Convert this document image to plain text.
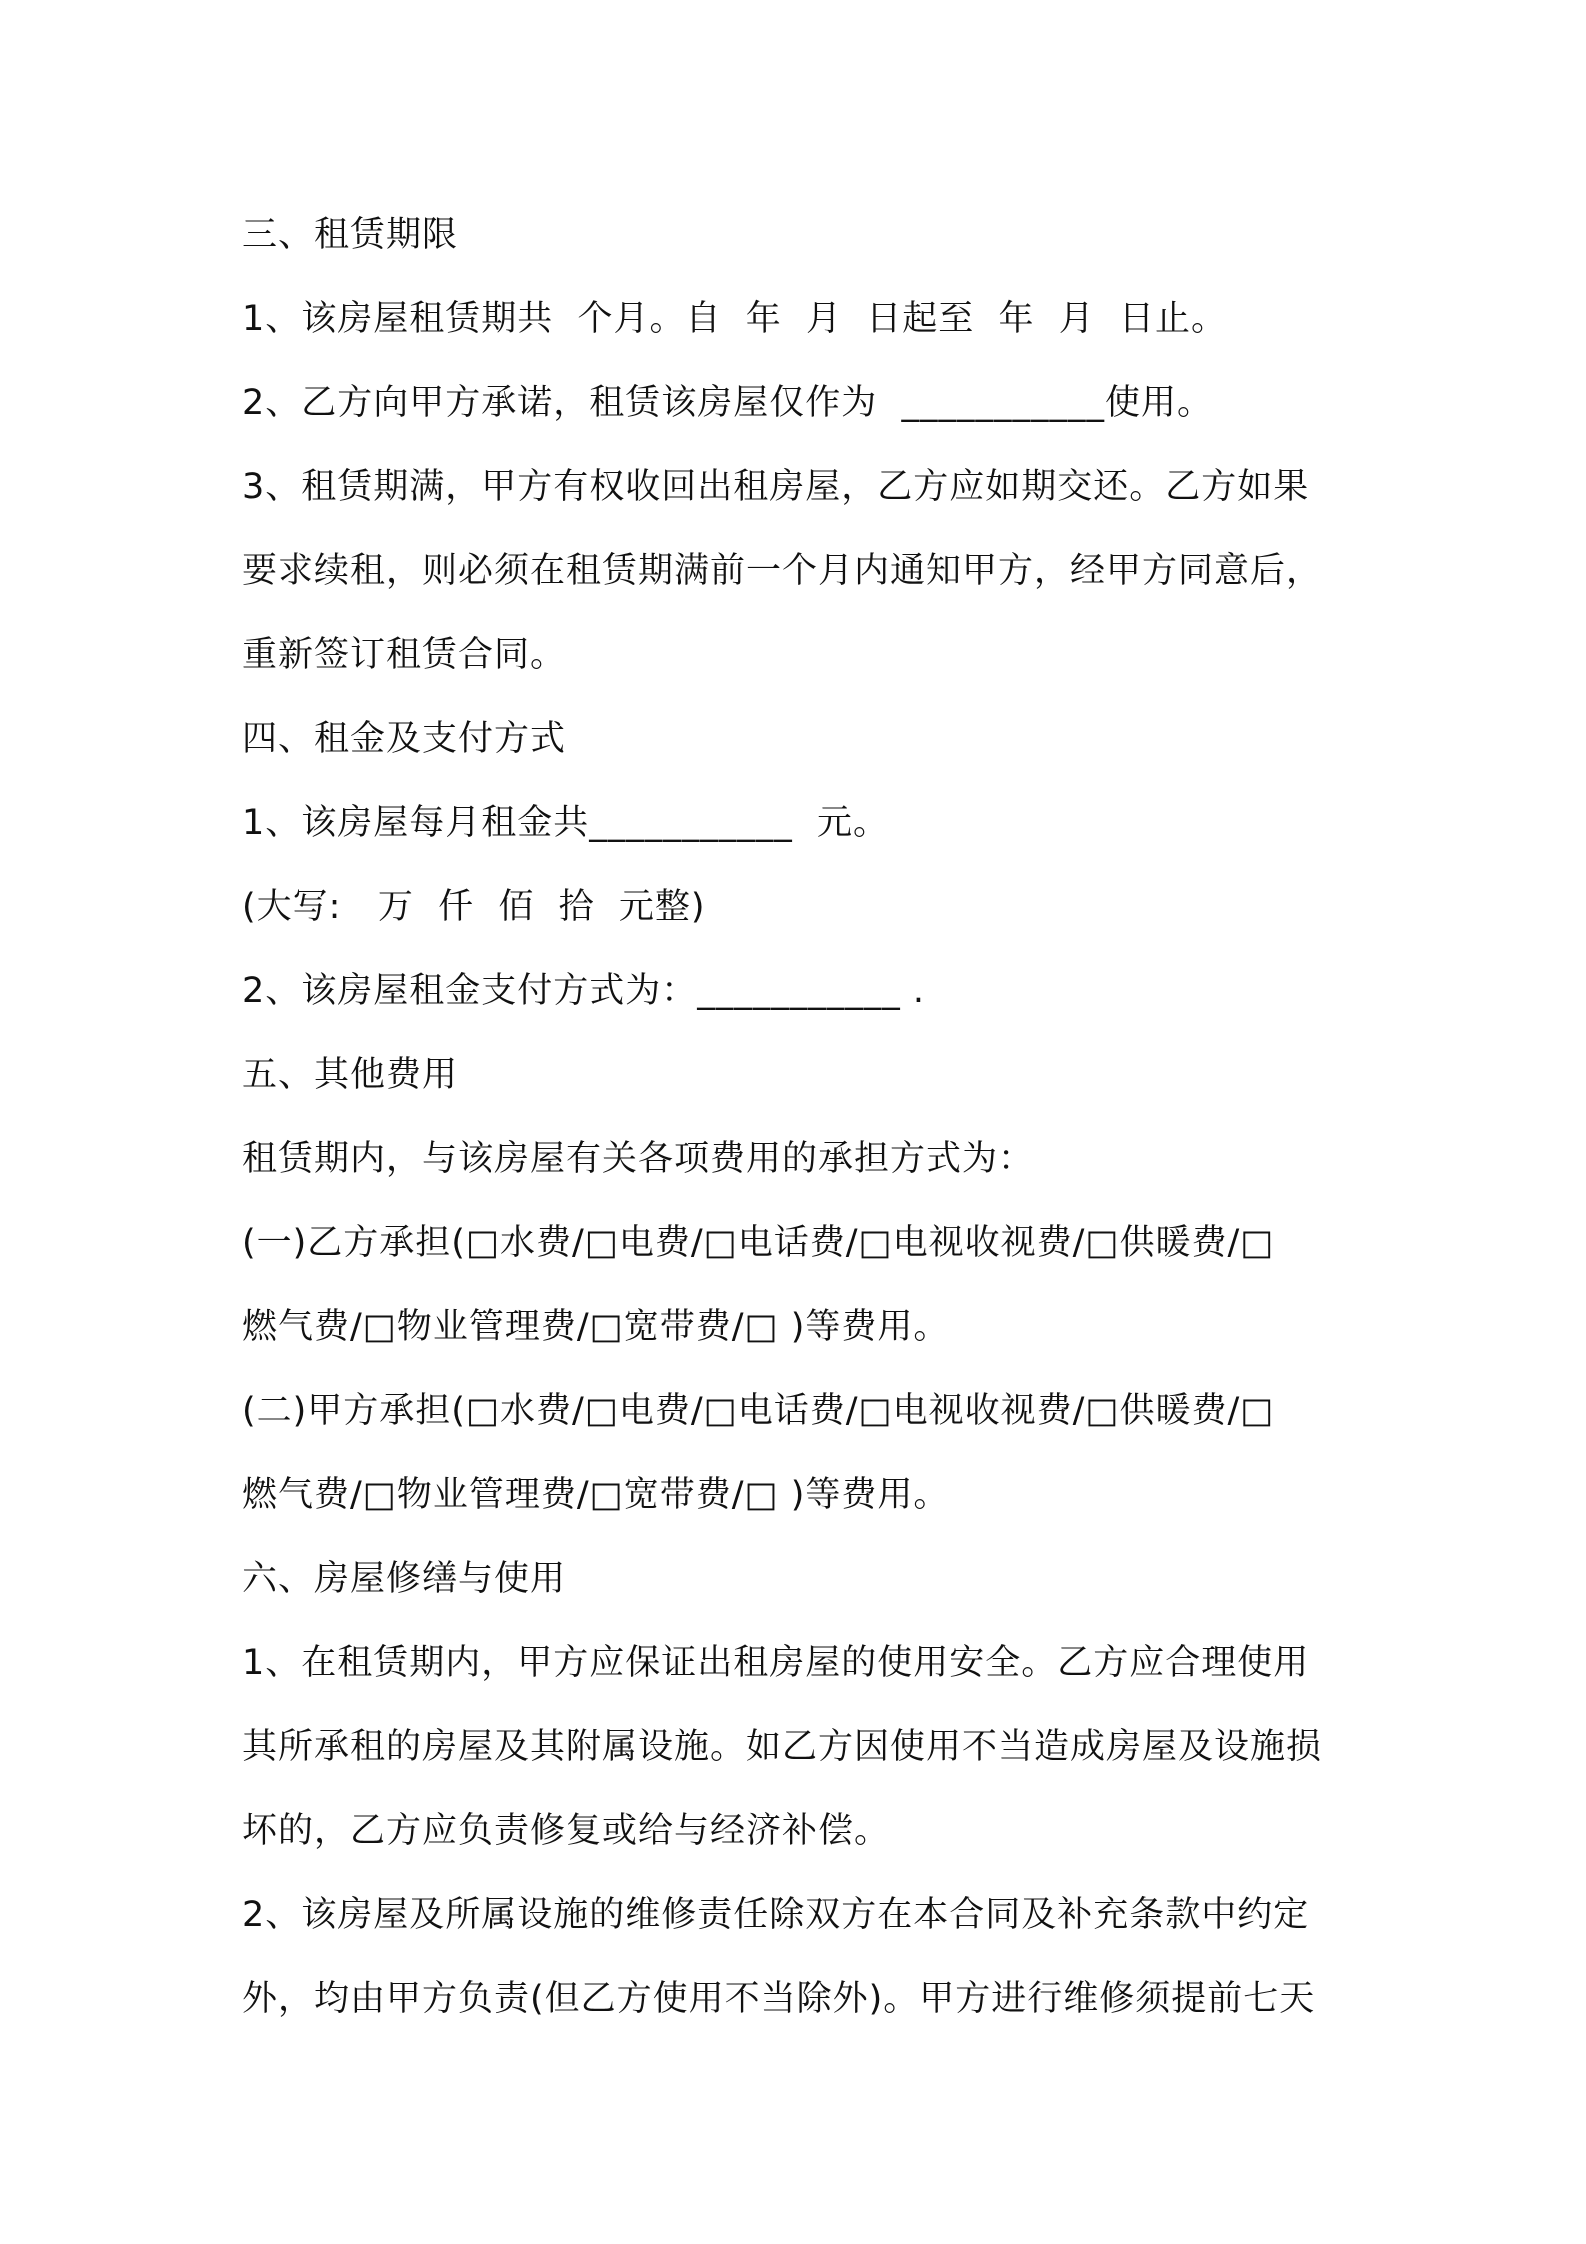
三、租赁期限
1、该房屋租赁期共  个月。自  年  月  日起至  年  月  日止。
2、乙方向甲方承诺，租赁该房屋仅作为  ___________使用。
3、租赁期满，甲方有权收回出租房屋，乙方应如期交还。乙方如果
要求续租，则必须在租赁期满前一个月内通知甲方，经甲方同意后，
重新签订租赁合同。
四、租金及支付方式
1、该房屋每月租金共___________  元。
(大写:   万  仟  佰  拾  元整)
2、该房屋租金支付方式为：___________ .
五、其他费用
租赁期内，与该房屋有关各项费用的承担方式为：
(一)乙方承担(□水费/□电费/□电话费/□电视收视费/□供暖费/□
燃气费/□物业管理费/□宽带费/□ )等费用。
(二)甲方承担(□水费/□电费/□电话费/□电视收视费/□供暖费/□
燃气费/□物业管理费/□宽带费/□ )等费用。
六、房屋修缮与使用
1、在租赁期内，甲方应保证出租房屋的使用安全。乙方应合理使用
其所承租的房屋及其附属设施。如乙方因使用不当造成房屋及设施损
坏的，乙方应负责修复或给与经济补偿。
2、该房屋及所属设施的维修责任除双方在本合同及补充条款中约定
外，均由甲方负责(但乙方使用不当除外)。甲方进行维修须提前七天
